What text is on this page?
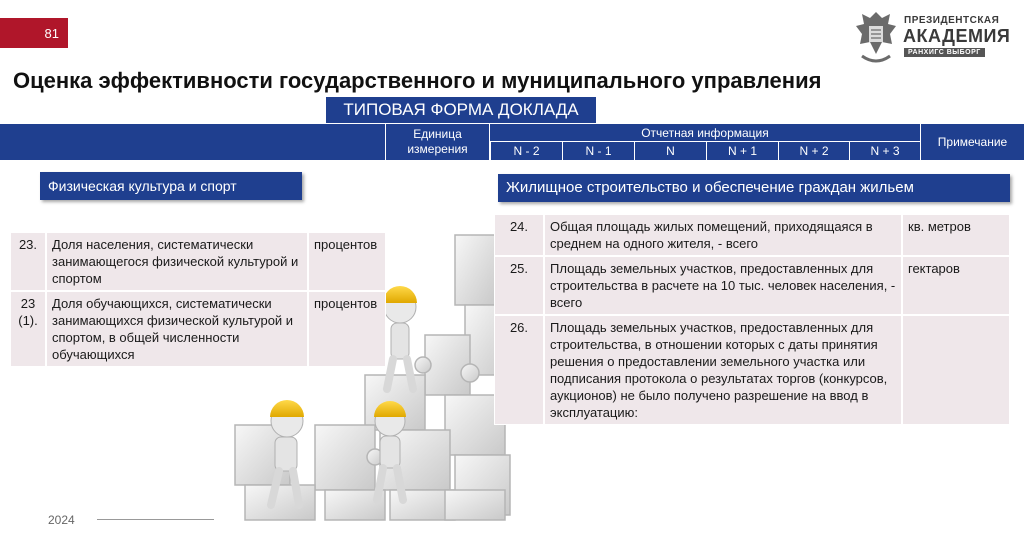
81
ПРЕЗИДЕНТСКАЯ
АКАДЕМИЯ
РАНХИГС ВЫБОРГ
Оценка эффективности государственного и муниципального управления
ТИПОВАЯ ФОРМА ДОКЛАДА
Единица измерения
Отчетная информация
N - 2	N - 1	N	N + 1	N + 2	N + 3
Примечание
Физическая культура и спорт	Жилищное строительство и обеспечение граждан жильем
23.	Доля населения, систематически занимающегося физической культурой и спортом	процентов
23(1).	Доля обучающихся, систематически занимающихся физической культурой и спортом, в общей численности обучающихся	процентов
24.	Общая площадь жилых помещений, приходящаяся в среднем на одного жителя, - всего	кв. метров
25.	Площадь земельных участков, предоставленных для строительства в расчете на 10 тыс. человек населения, - всего	гектаров
26.	Площадь земельных участков, предоставленных для строительства, в отношении которых с даты принятия решения о предоставлении земельного участка или подписания протокола о результатах торгов (конкурсов, аукционов) не было получено разрешение на ввод в эксплуатацию:	
2024
